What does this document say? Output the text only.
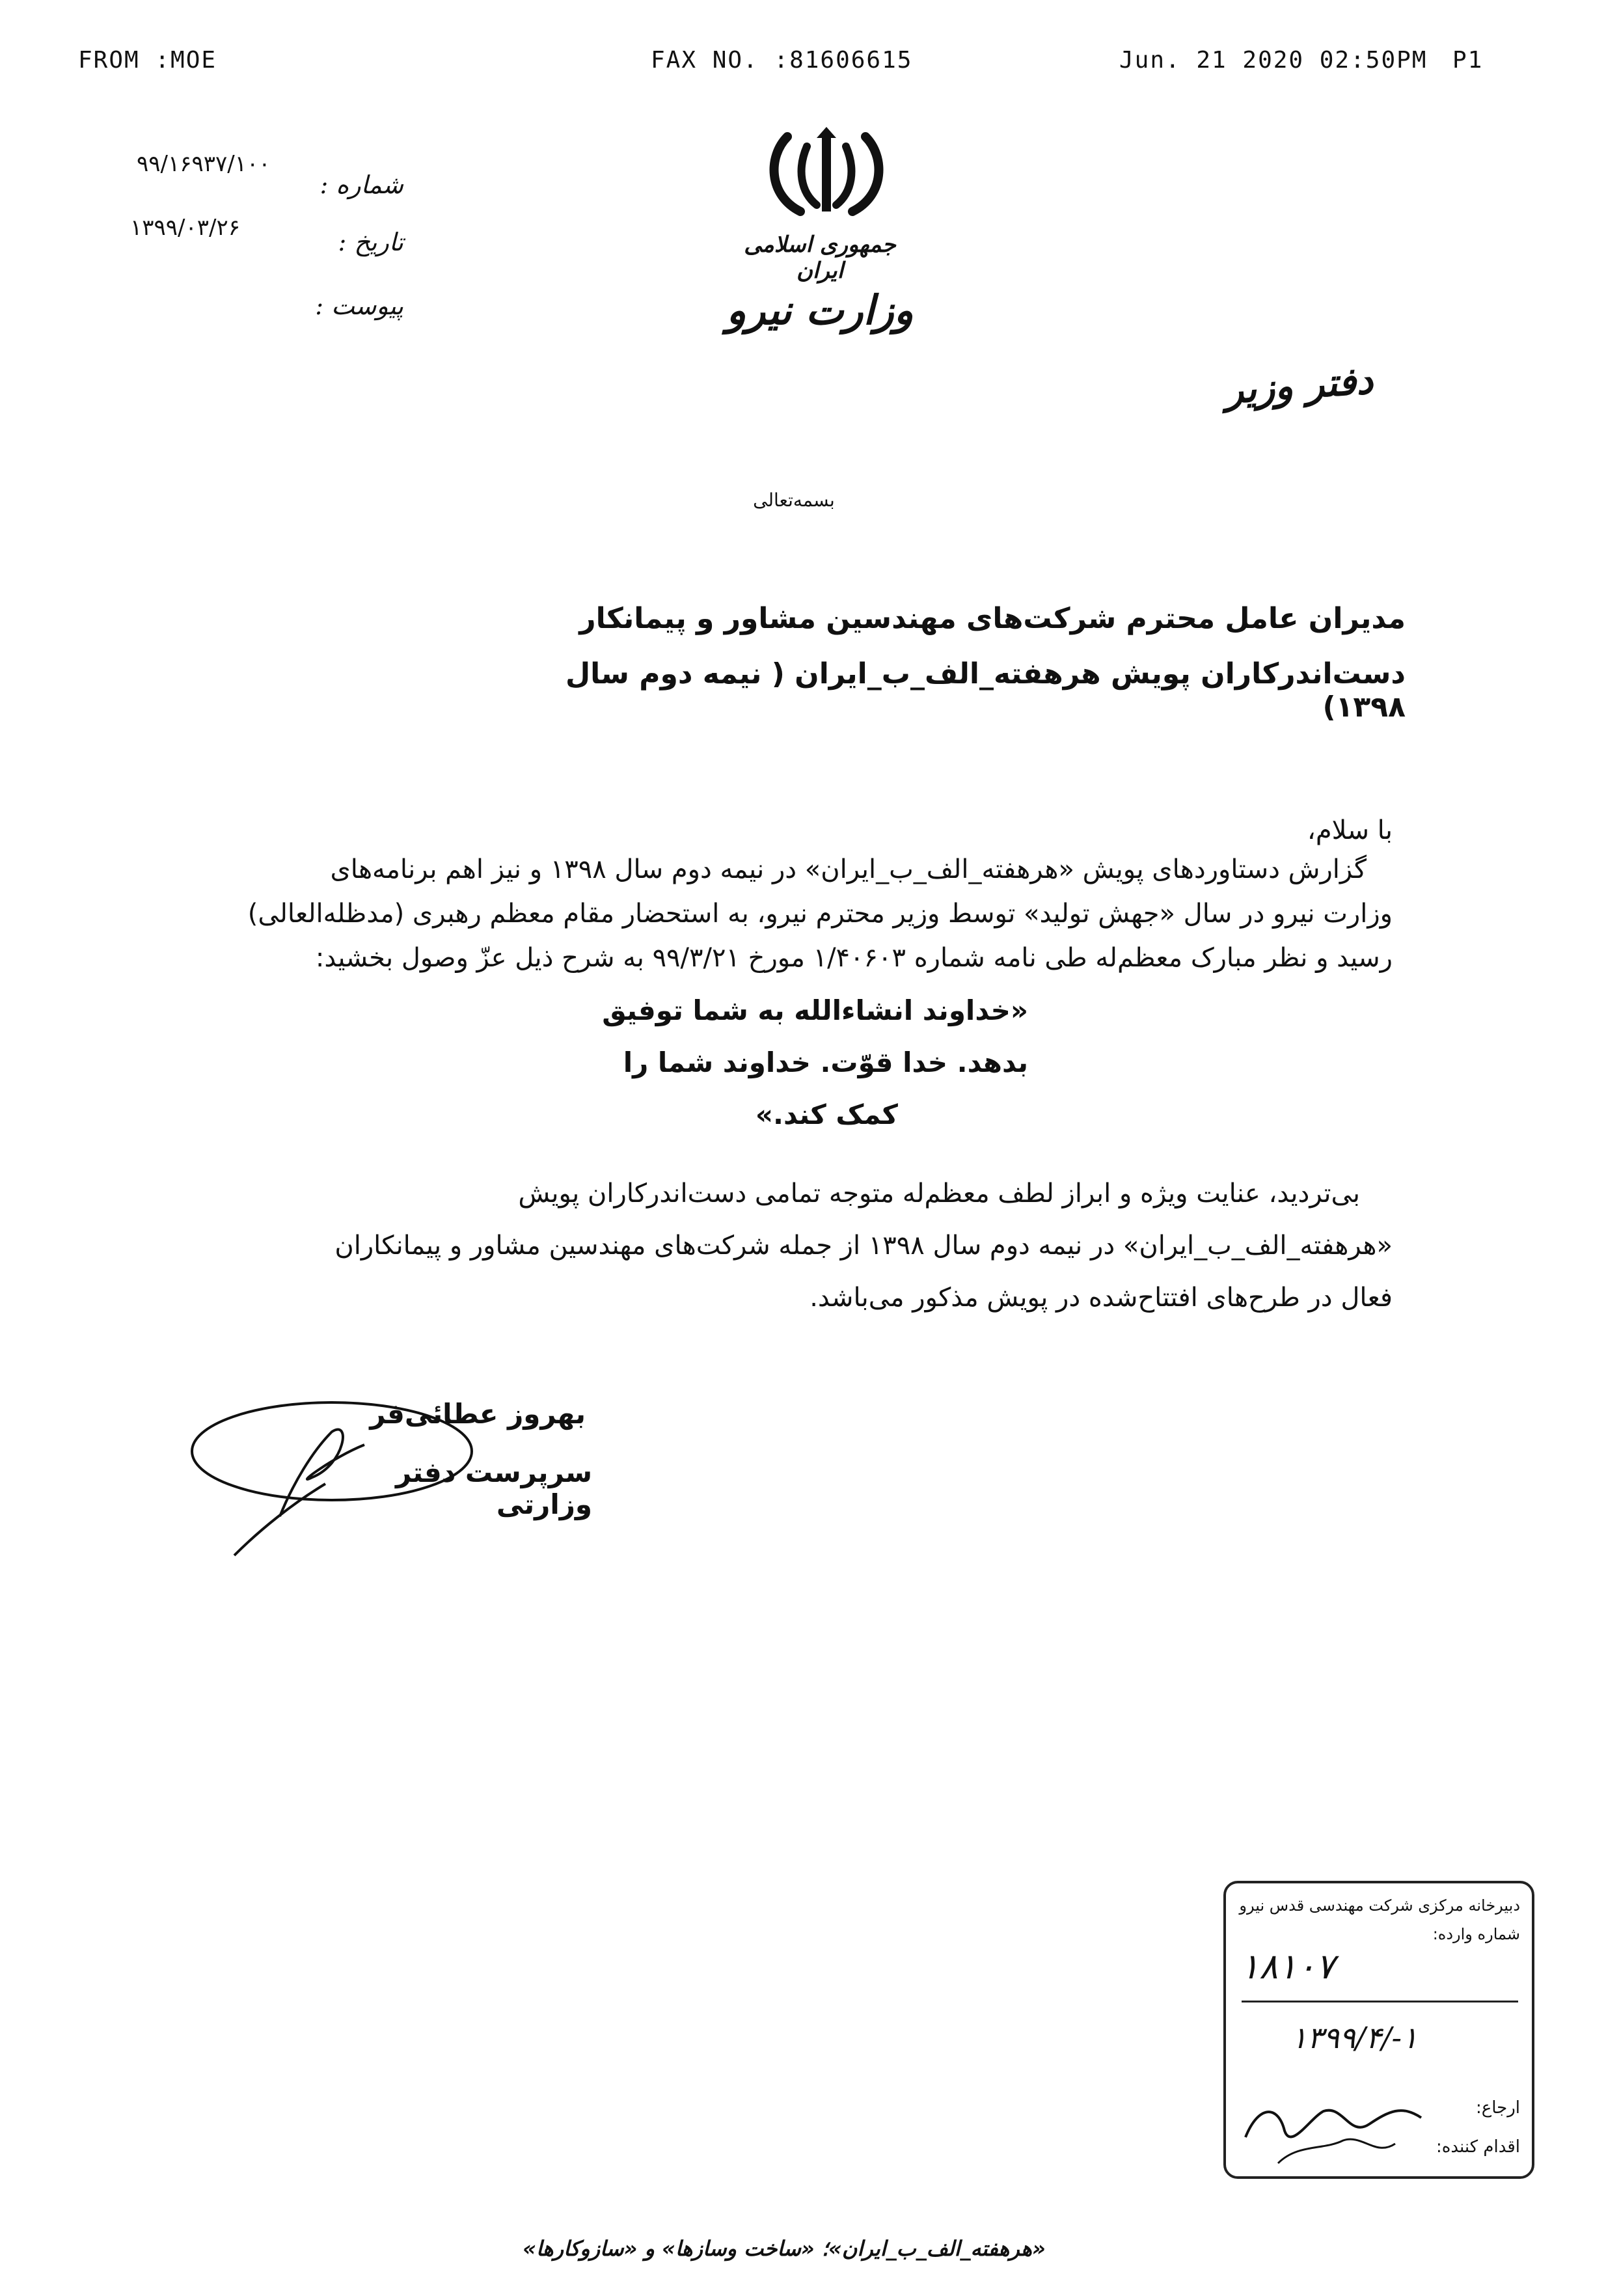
FROM :MOE	FAX NO. :81606615	Jun. 21 2020 02:50PM P1
شماره :
۹۹/۱۶۹۳۷/۱۰۰
تاریخ :
۱۳۹۹/۰۳/۲۶
پیوست :
جمهوری اسلامی ایران
وزارت نیرو
دفتر وزیر
بسمه‌تعالی
مدیران عامل محترم شرکت‌های مهندسین مشاور و پیمانکار
دست‌اندرکاران پویش هرهفته_الف_ب_ایران ( نیمه دوم سال ۱۳۹۸)
با سلام،
گزارش دستاوردهای پویش «هرهفته_الف_ب_ایران» در نیمه دوم سال ۱۳۹۸ و نیز اهم برنامه‌های
وزارت نیرو در سال «جهش تولید» توسط وزیر محترم نیرو، به استحضار مقام معظم رهبری (مدظله‌العالی)
رسید و نظر مبارک معظم‌له طی نامه شماره ۱/۴۰۶۰۳ مورخ ۹۹/۳/۲۱ به شرح ذیل عزّ وصول بخشید:
«خداوند انشاءالله به شما توفیق
بدهد. خدا قوّت. خداوند شما را
کمک کند.»
بی‌تردید، عنایت ویژه و ابراز لطف معظم‌له متوجه تمامی دست‌اندرکاران پویش
«هرهفته_الف_ب_ایران» در نیمه دوم سال ۱۳۹۸ از جمله شرکت‌های مهندسین مشاور و پیمانکاران
فعال در طرح‌های افتتاح‌شده در پویش مذکور می‌باشد.
بهروز عطائی‌فر
سرپرست دفتر وزارتی
دبیرخانه مرکزی شرکت مهندسی قدس نیرو
شماره وارده:
۱۸۱۰۷
۱۳۹۹/۴/-۱
ارجاع:
اقدام کننده:
«هرهفته_الف_ب_ایران»؛ «ساخت وسازها» و «سازوکارها»
